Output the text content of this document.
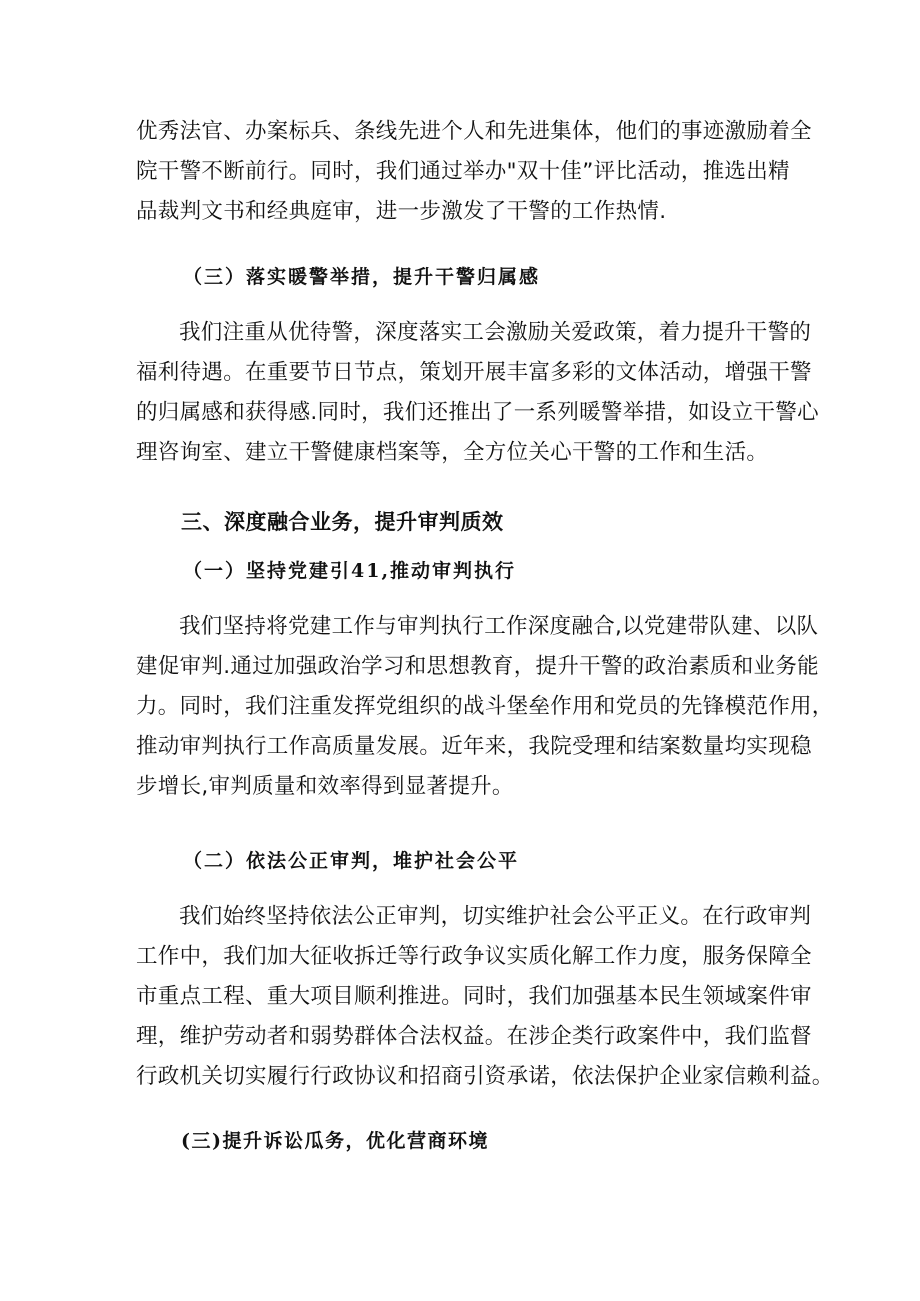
优秀法官、办案标兵、条线先进个人和先进集体，他们的事迹激励着全
院干警不断前行。同时，我们通过举办"双十佳”评比活动，推选出精
品裁判文书和经典庭审，进一步激发了干警的工作热情.

（三）落实暖警举措，提升干警归属感

我们注重从优待警，深度落实工会激励关爱政策，着力提升干警的
福利待遇。在重要节日节点，策划开展丰富多彩的文体活动，增强干警
的归属感和获得感.同时，我们还推出了一系列暖警举措，如设立干警心
理咨询室、建立干警健康档案等，全方位关心干警的工作和生活。

三、深度融合业务，提升审判质效
（一）坚持党建引41,推动审判执行

我们坚持将党建工作与审判执行工作深度融合,以党建带队建、以队
建促审判.通过加强政治学习和思想教育，提升干警的政治素质和业务能
力。同时，我们注重发挥党组织的战斗堡垒作用和党员的先锋模范作用，
推动审判执行工作高质量发展。近年来，我院受理和结案数量均实现稳
步增长,审判质量和效率得到显著提升。

（二）依法公正审判，堆护社会公平

我们始终坚持依法公正审判，切实维护社会公平正义。在行政审判
工作中，我们加大征收拆迁等行政争议实质化解工作力度，服务保障全
市重点工程、重大项目顺利推进。同时，我们加强基本民生领域案件审
理，维护劳动者和弱势群体合法权益。在涉企类行政案件中，我们监督
行政机关切实履行行政协议和招商引资承诺，依法保护企业家信赖利益。

(三)提升诉讼瓜务，优化营商环境
